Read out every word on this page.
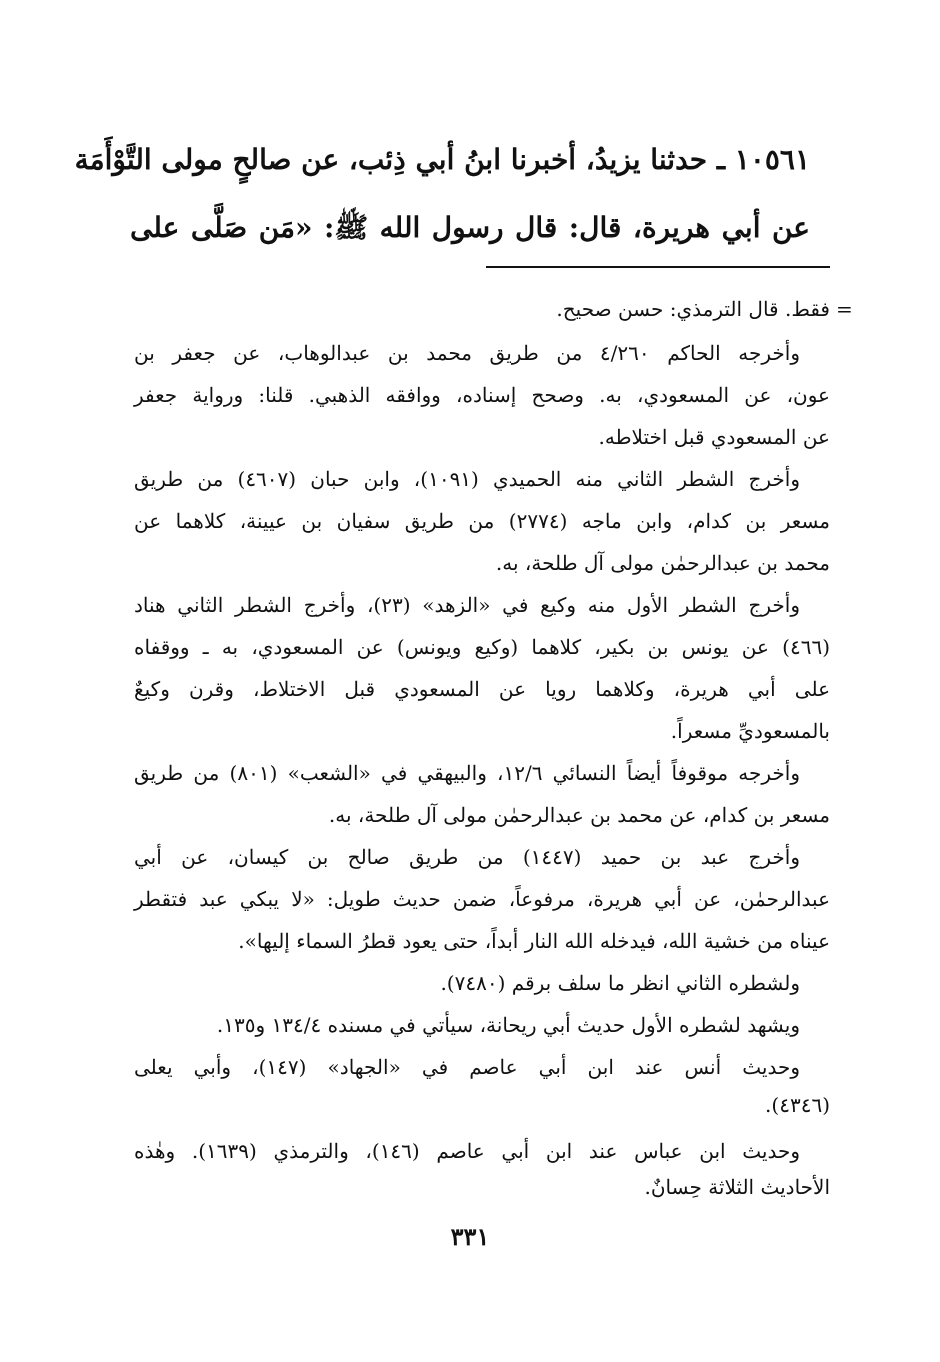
١٠٥٦١ ـ حدثنا يزيدُ، أخبرنا ابنُ أبي ذِئب، عن صالحٍ مولى التَّوْأَمَة
عن أبي هريرة، قال: قال رسول الله ﷺ: «مَن صَلَّى على
=
فقط. قال الترمذي: حسن صحيح.
وأخرجه الحاكم ٤/٢٦٠ من طريق محمد بن عبدالوهاب، عن جعفر بن
عون، عن المسعودي، به. وصحح إسناده، ووافقه الذهبي. قلنا: ورواية جعفر
عن المسعودي قبل اختلاطه.
وأخرج الشطر الثاني منه الحميدي (١٠٩١)، وابن حبان (٤٦٠٧) من طريق
مسعر بن كدام، وابن ماجه (٢٧٧٤) من طريق سفيان بن عيينة، كلاهما عن
محمد بن عبدالرحمٰن مولى آل طلحة، به.
وأخرج الشطر الأول منه وكيع في «الزهد» (٢٣)، وأخرج الشطر الثاني هناد
(٤٦٦) عن يونس بن بكير، كلاهما (وكيع ويونس) عن المسعودي، به ـ ووقفاه
على أبي هريرة، وكلاهما رويا عن المسعودي قبل الاختلاط، وقرن وكيعٌ
بالمسعوديِّ مسعراً.
وأخرجه موقوفاً أيضاً النسائي ١٢/٦، والبيهقي في «الشعب» (٨٠١) من طريق
مسعر بن كدام، عن محمد بن عبدالرحمٰن مولى آل طلحة، به.
وأخرج عبد بن حميد (١٤٤٧) من طريق صالح بن كيسان، عن أبي
عبدالرحمٰن، عن أبي هريرة، مرفوعاً، ضمن حديث طويل: «لا يبكي عبد فتقطر
عيناه من خشية الله، فيدخله الله النار أبداً، حتى يعود قطرُ السماء إليها».
ولشطره الثاني انظر ما سلف برقم (٧٤٨٠).
ويشهد لشطره الأول حديث أبي ريحانة، سيأتي في مسنده ١٣٤/٤ و١٣٥.
وحديث أنس عند ابن أبي عاصم في «الجهاد» (١٤٧)، وأبي يعلى
(٤٣٤٦).
وحديث ابن عباس عند ابن أبي عاصم (١٤٦)، والترمذي (١٦٣٩). وهٰذه
الأحاديث الثلاثة حِسانٌ.
٣٣١
